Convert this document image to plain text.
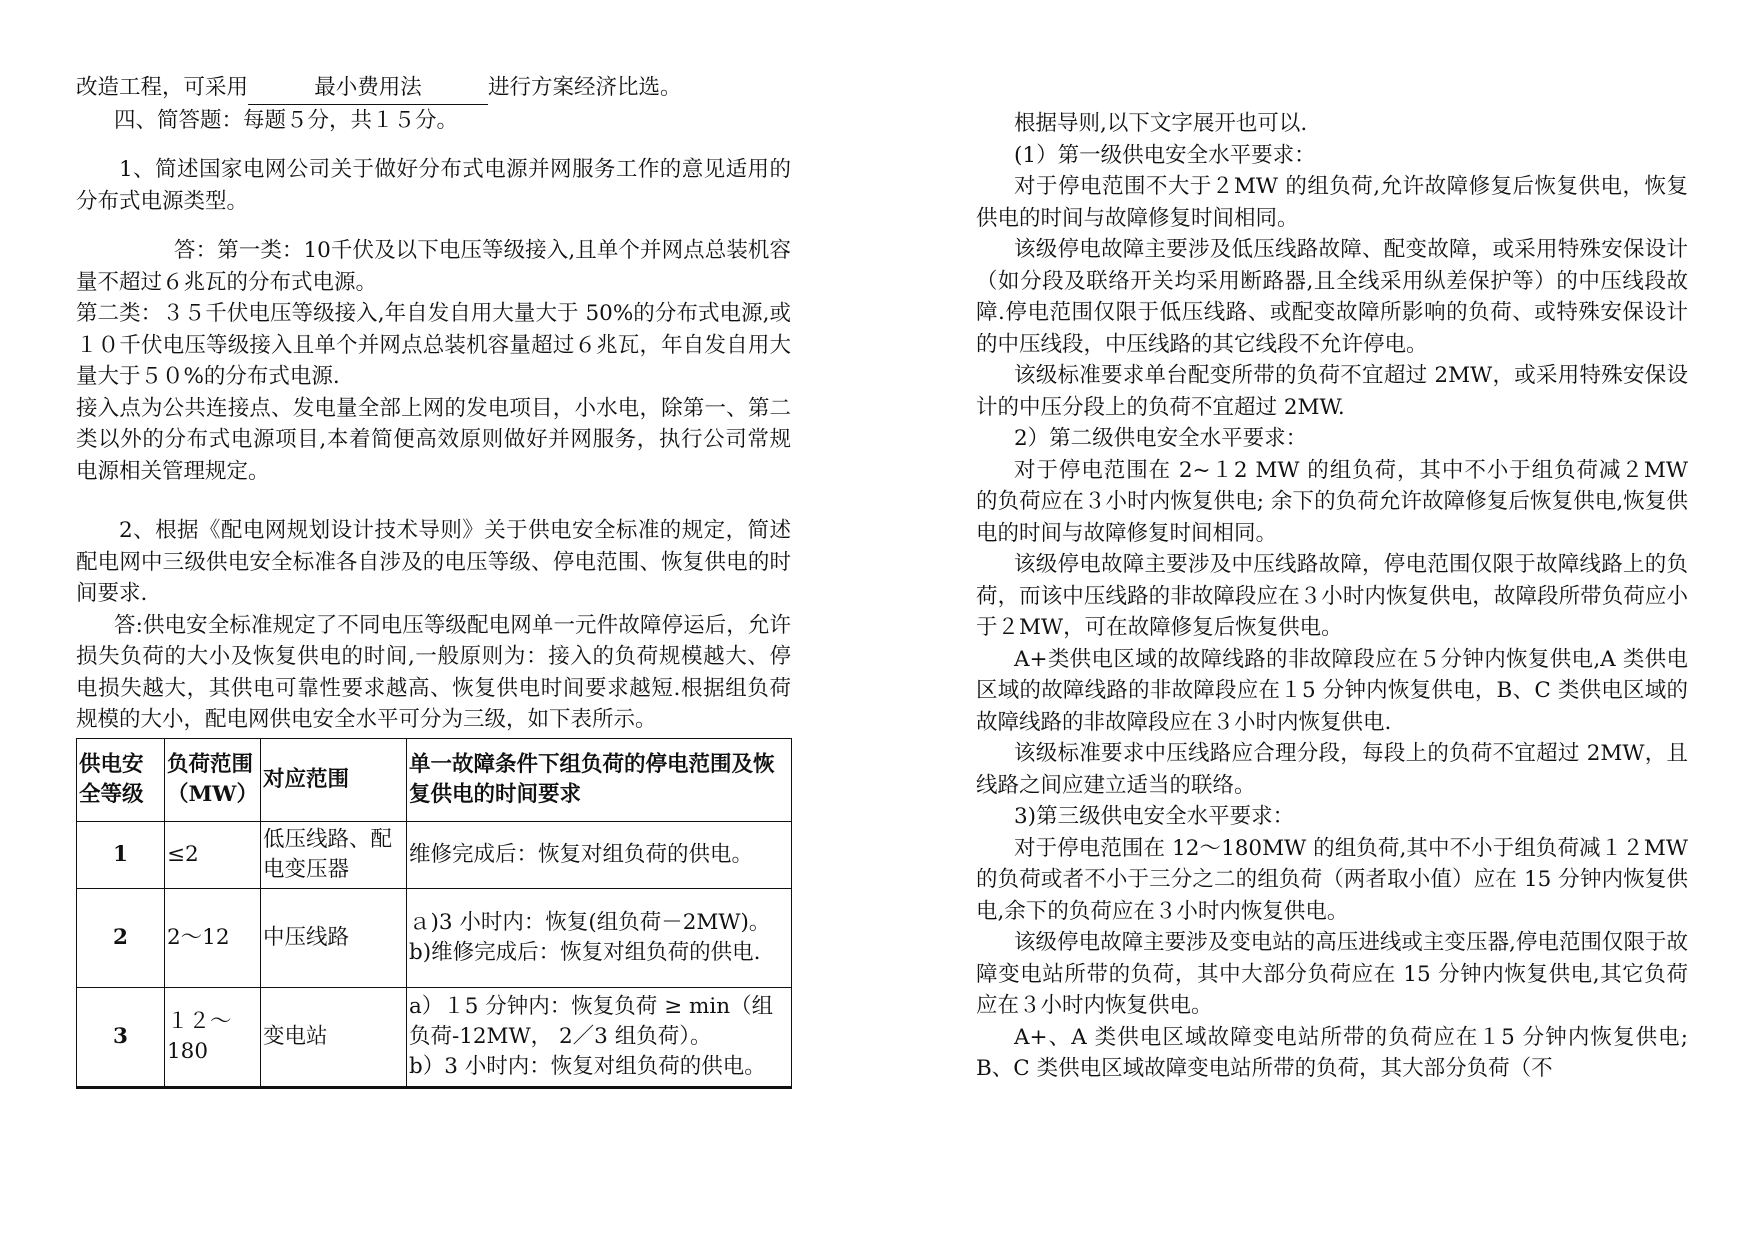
改造工程，可采用	最小费用法	进行方案经济比选。

四、简答题：每题５分，共１５分。

1、简述国家电网公司关于做好分布式电源并网服务工作的意见适用的分布式电源类型。

答：第一类：10千伏及以下电压等级接入,且单个并网点总装机容量不超过６兆瓦的分布式电源。

第二类：３５千伏电压等级接入,年自发自用大量大于 50%的分布式电源,或１０千伏电压等级接入且单个并网点总装机容量超过６兆瓦，年自发自用大量大于５０%的分布式电源.

接入点为公共连接点、发电量全部上网的发电项目，小水电，除第一、第二类以外的分布式电源项目,本着简便高效原则做好并网服务，执行公司常规电源相关管理规定。

2、根据《配电网规划设计技术导则》关于供电安全标准的规定，简述配电网中三级供电安全标准各自涉及的电压等级、停电范围、恢复供电的时间要求.

答:供电安全标准规定了不同电压等级配电网单一元件故障停运后，允许损失负荷的大小及恢复供电的时间,一般原则为：接入的负荷规模越大、停电损失越大，其供电可靠性要求越高、恢复供电时间要求越短.根据组负荷规模的大小，配电网供电安全水平可分为三级，如下表所示。

供电安全等级	负荷范围（MW）	对应范围	单一故障条件下组负荷的停电范围及恢复供电的时间要求
1	≤2	低压线路、配电变压器	维修完成后：恢复对组负荷的供电。

2	2～12	中压线路	ａ)3 小时内：恢复(组负荷－2MW)。
b)维修完成后：恢复对组负荷的供电.

3	１２～180	变电站	a）１5 分钟内：恢复负荷 ≥ min（组负荷-12MW， 2／3 组负荷）。
b）3 小时内：恢复对组负荷的供电。

根据导则,以下文字展开也可以.

(1）第一级供电安全水平要求：

对于停电范围不大于２MW 的组负荷,允许故障修复后恢复供电，恢复供电的时间与故障修复时间相同。

该级停电故障主要涉及低压线路故障、配变故障，或采用特殊安保设计（如分段及联络开关均采用断路器,且全线采用纵差保护等）的中压线段故障.停电范围仅限于低压线路、或配变故障所影响的负荷、或特殊安保设计的中压线段，中压线路的其它线段不允许停电。

该级标准要求单台配变所带的负荷不宜超过 2MW，或采用特殊安保设计的中压分段上的负荷不宜超过 2MW.

2）第二级供电安全水平要求：

对于停电范围在 2~１2 MW 的组负荷，其中不小于组负荷减２MW 的负荷应在３小时内恢复供电; 余下的负荷允许故障修复后恢复供电,恢复供电的时间与故障修复时间相同。

该级停电故障主要涉及中压线路故障，停电范围仅限于故障线路上的负荷，而该中压线路的非故障段应在３小时内恢复供电，故障段所带负荷应小于２MW，可在故障修复后恢复供电。

A+类供电区域的故障线路的非故障段应在５分钟内恢复供电,A 类供电区域的故障线路的非故障段应在１5 分钟内恢复供电，B、C 类供电区域的故障线路的非故障段应在３小时内恢复供电.

该级标准要求中压线路应合理分段，每段上的负荷不宜超过 2MW，且线路之间应建立适当的联络。

3)第三级供电安全水平要求：

对于停电范围在 12～180MW 的组负荷,其中不小于组负荷减１２MW 的负荷或者不小于三分之二的组负荷（两者取小值）应在 15 分钟内恢复供电,余下的负荷应在３小时内恢复供电。

该级停电故障主要涉及变电站的高压进线或主变压器,停电范围仅限于故障变电站所带的负荷，其中大部分负荷应在 15 分钟内恢复供电,其它负荷应在３小时内恢复供电。

A+、A 类供电区域故障变电站所带的负荷应在１5 分钟内恢复供电; B、C 类供电区域故障变电站所带的负荷，其大部分负荷（不
